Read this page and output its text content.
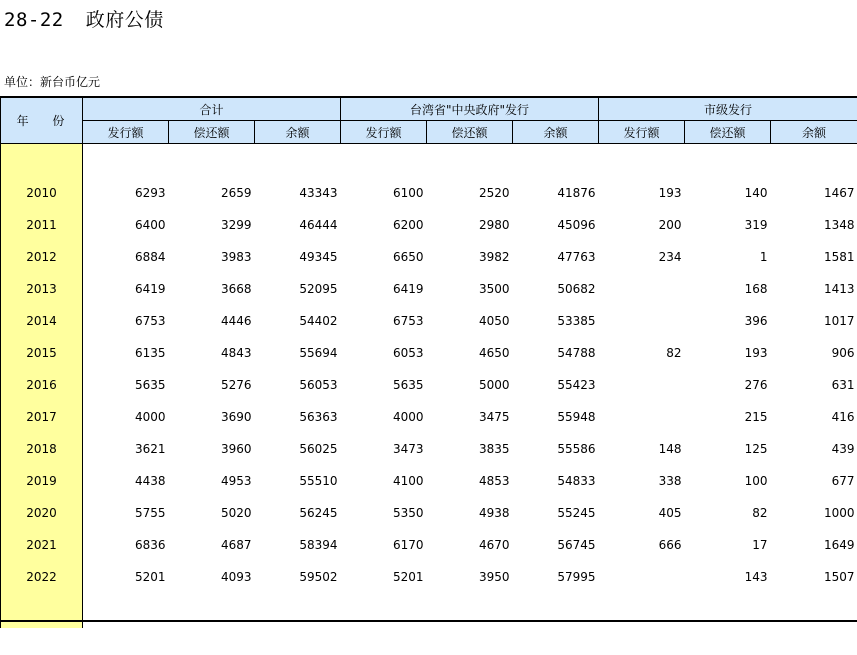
28-22 政府公债
单位：新台币亿元
年 份	合计			台湾省"中央政府"发行			市级发行		
	发行额	偿还额	余额	发行额	偿还额	余额	发行额	偿还额	余额

2010	6293	2659	43343	6100	2520	41876	193	140	1467
2011	6400	3299	46444	6200	2980	45096	200	319	1348
2012	6884	3983	49345	6650	3982	47763	234	1	1581
2013	6419	3668	52095	6419	3500	50682		168	1413
2014	6753	4446	54402	6753	4050	53385		396	1017
2015	6135	4843	55694	6053	4650	54788	82	193	906
2016	5635	5276	56053	5635	5000	55423		276	631
2017	4000	3690	56363	4000	3475	55948		215	416
2018	3621	3960	56025	3473	3835	55586	148	125	439
2019	4438	4953	55510	4100	4853	54833	338	100	677
2020	5755	5020	56245	5350	4938	55245	405	82	1000
2021	6836	4687	58394	6170	4670	56745	666	17	1649
2022	5201	4093	59502	5201	3950	57995		143	1507
